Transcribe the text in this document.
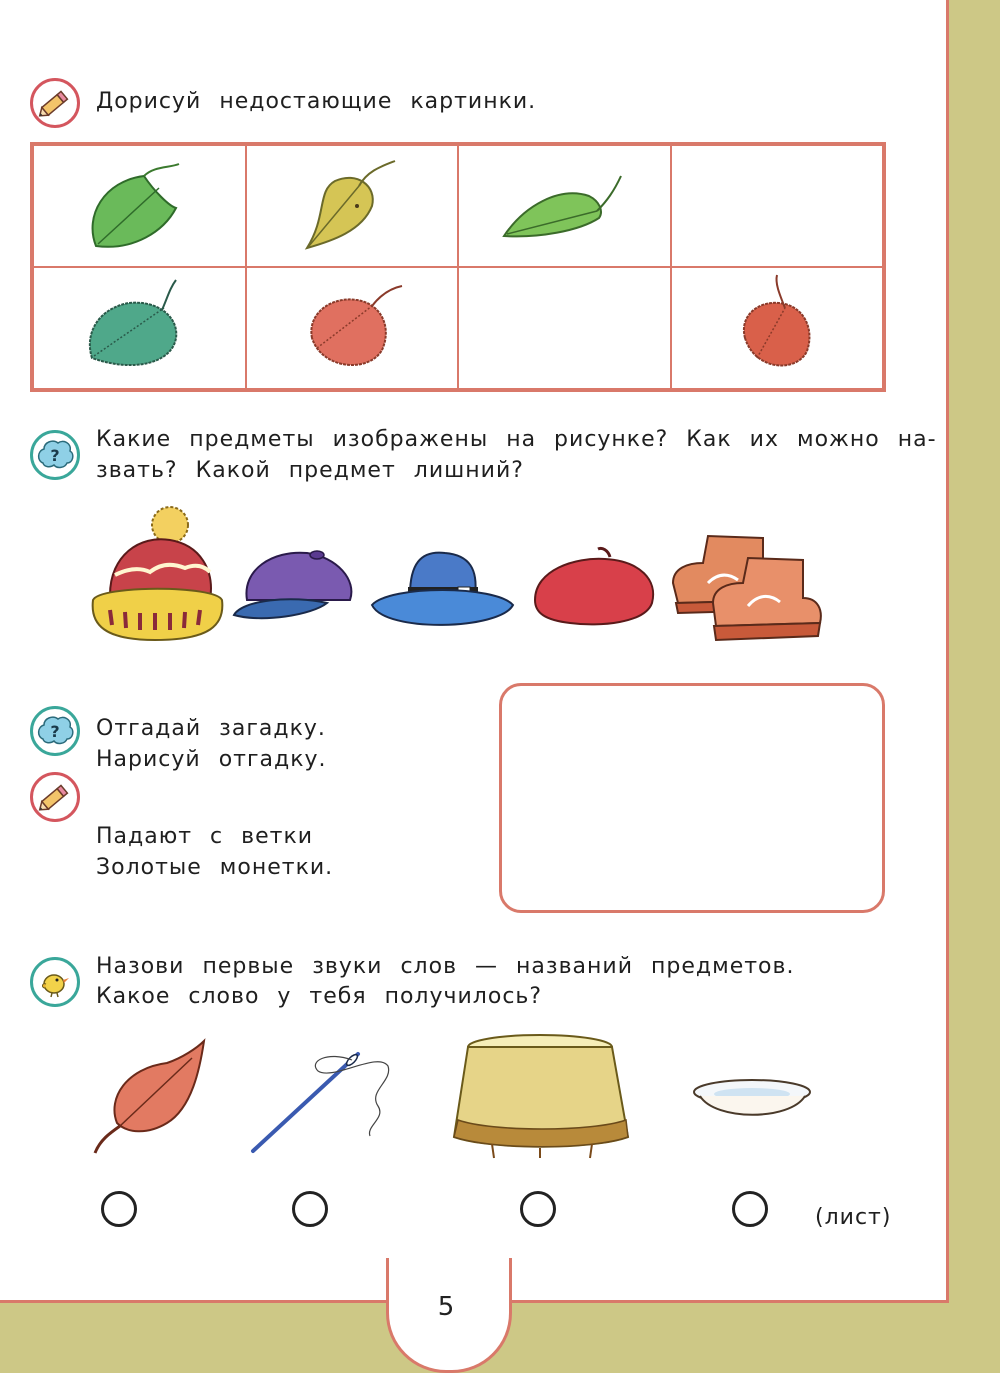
5
Дорисуй недостающие картинки.
?
Какие предметы изображены на рисунке? Как их можно на-
звать? Какой предмет лишний?
? Отгадай загадку.
Нарисуй отгадку.
Падают с ветки
Золотые монетки.
Назови первые звуки слов — названий предметов.
Какое слово у тебя получилось?
(лист)
